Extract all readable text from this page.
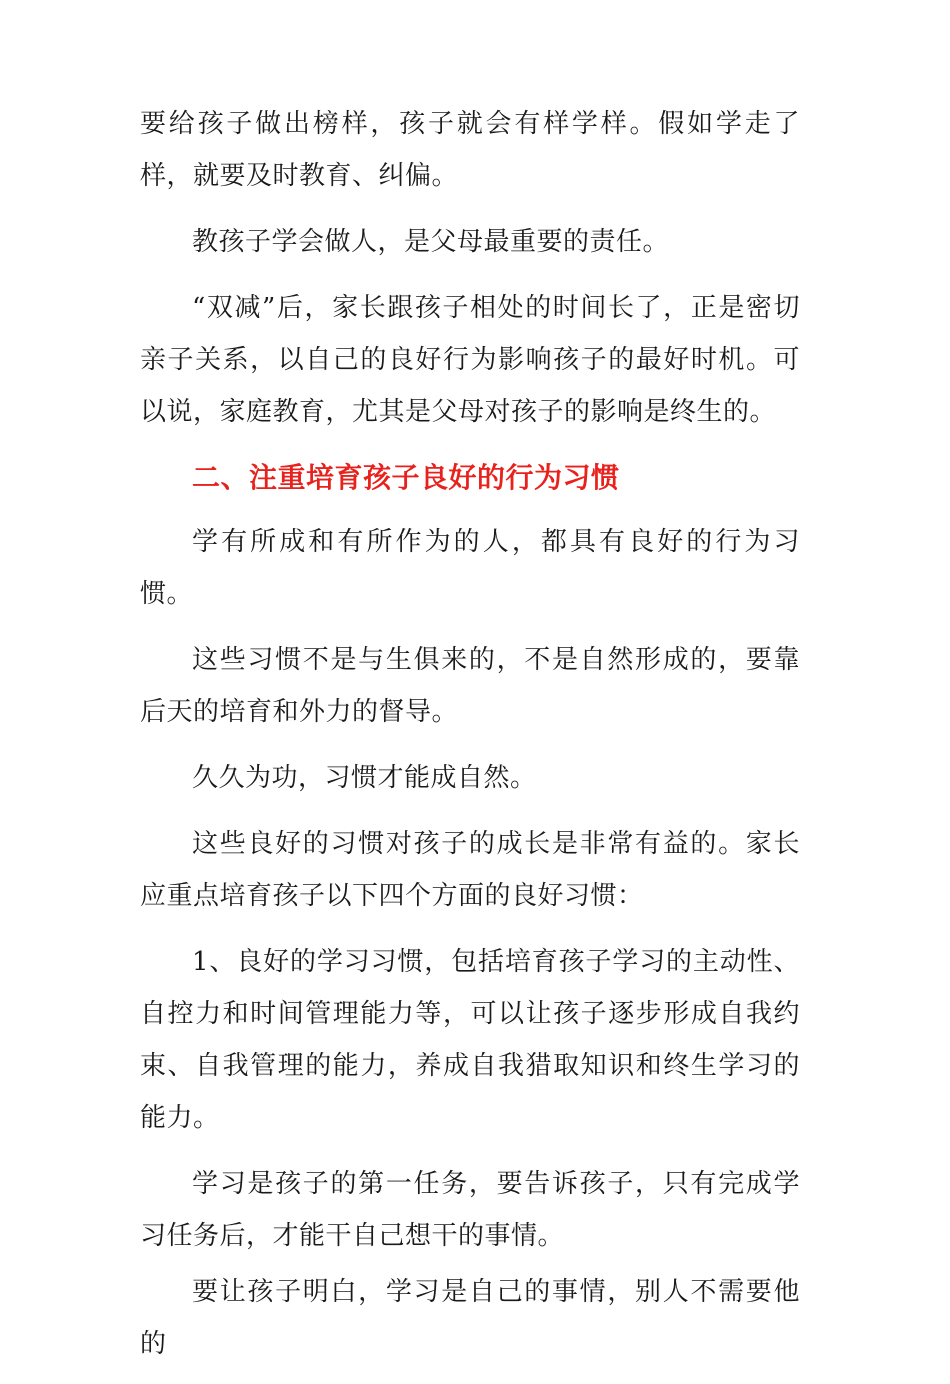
要给孩子做出榜样，孩子就会有样学样。假如学走了样，就要及时教育、纠偏。

教孩子学会做人，是父母最重要的责任。

“双减”后，家长跟孩子相处的时间长了，正是密切亲子关系，以自己的良好行为影响孩子的最好时机。可以说，家庭教育，尤其是父母对孩子的影响是终生的。

二、注重培育孩子良好的行为习惯

学有所成和有所作为的人，都具有良好的行为习惯。

这些习惯不是与生俱来的，不是自然形成的，要靠后天的培育和外力的督导。

久久为功，习惯才能成自然。

这些良好的习惯对孩子的成长是非常有益的。家长应重点培育孩子以下四个方面的良好习惯：

1、良好的学习习惯，包括培育孩子学习的主动性、自控力和时间管理能力等，可以让孩子逐步形成自我约束、自我管理的能力，养成自我猎取知识和终生学习的能力。

学习是孩子的第一任务，要告诉孩子，只有完成学习任务后，才能干自己想干的事情。

要让孩子明白，学习是自己的事情，别人不需要他的
